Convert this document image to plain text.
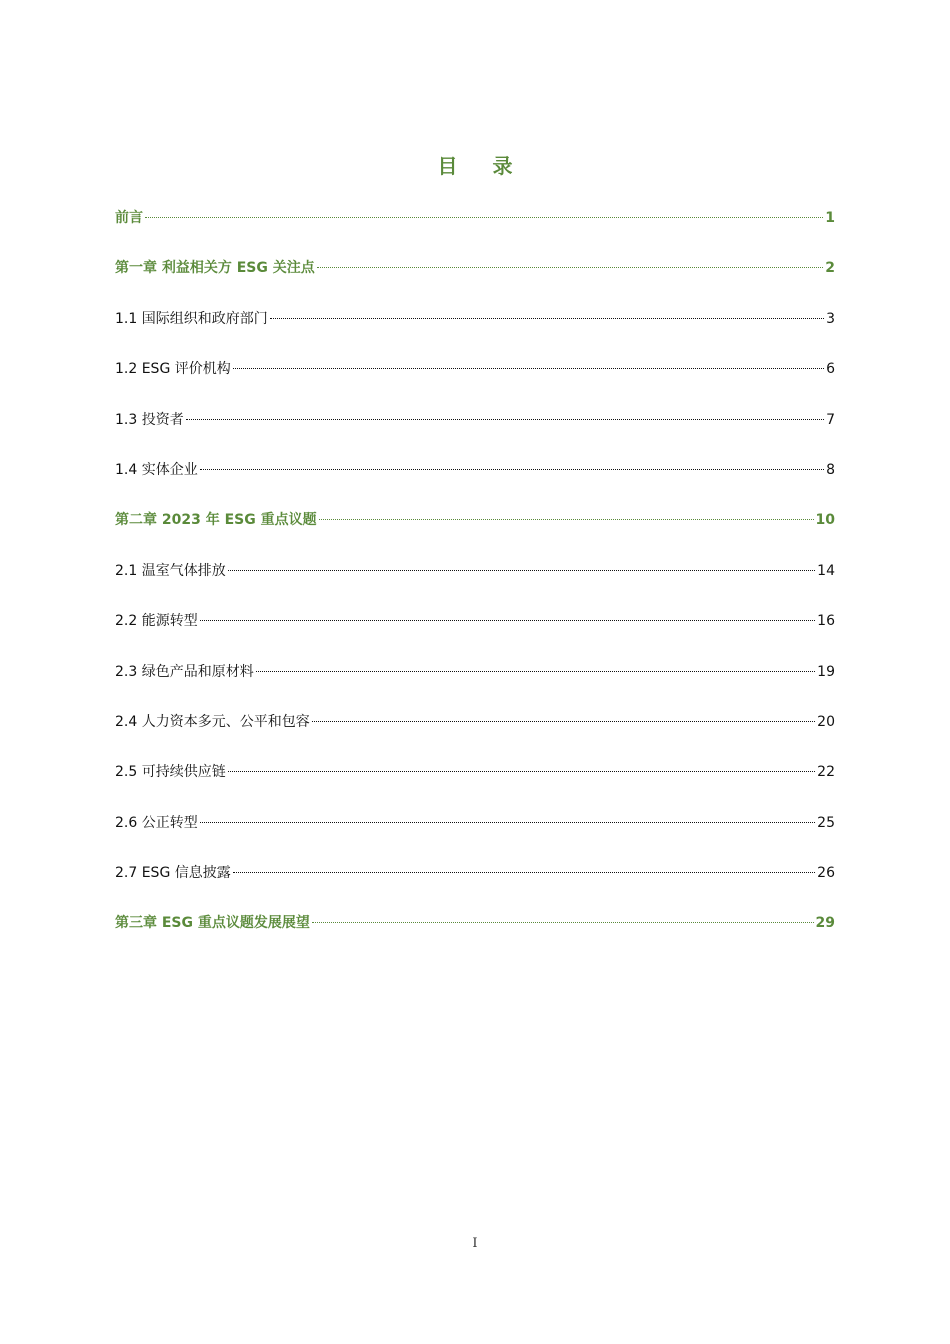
目 录
前言	1
第一章 利益相关方 ESG 关注点	2
1.1 国际组织和政府部门	3
1.2 ESG 评价机构	6
1.3 投资者	7
1.4 实体企业	8
第二章 2023 年 ESG 重点议题	10
2.1 温室气体排放	14
2.2 能源转型	16
2.3 绿色产品和原材料	19
2.4 人力资本多元、公平和包容	20
2.5 可持续供应链	22
2.6 公正转型	25
2.7 ESG 信息披露	26
第三章 ESG 重点议题发展展望	29
I
